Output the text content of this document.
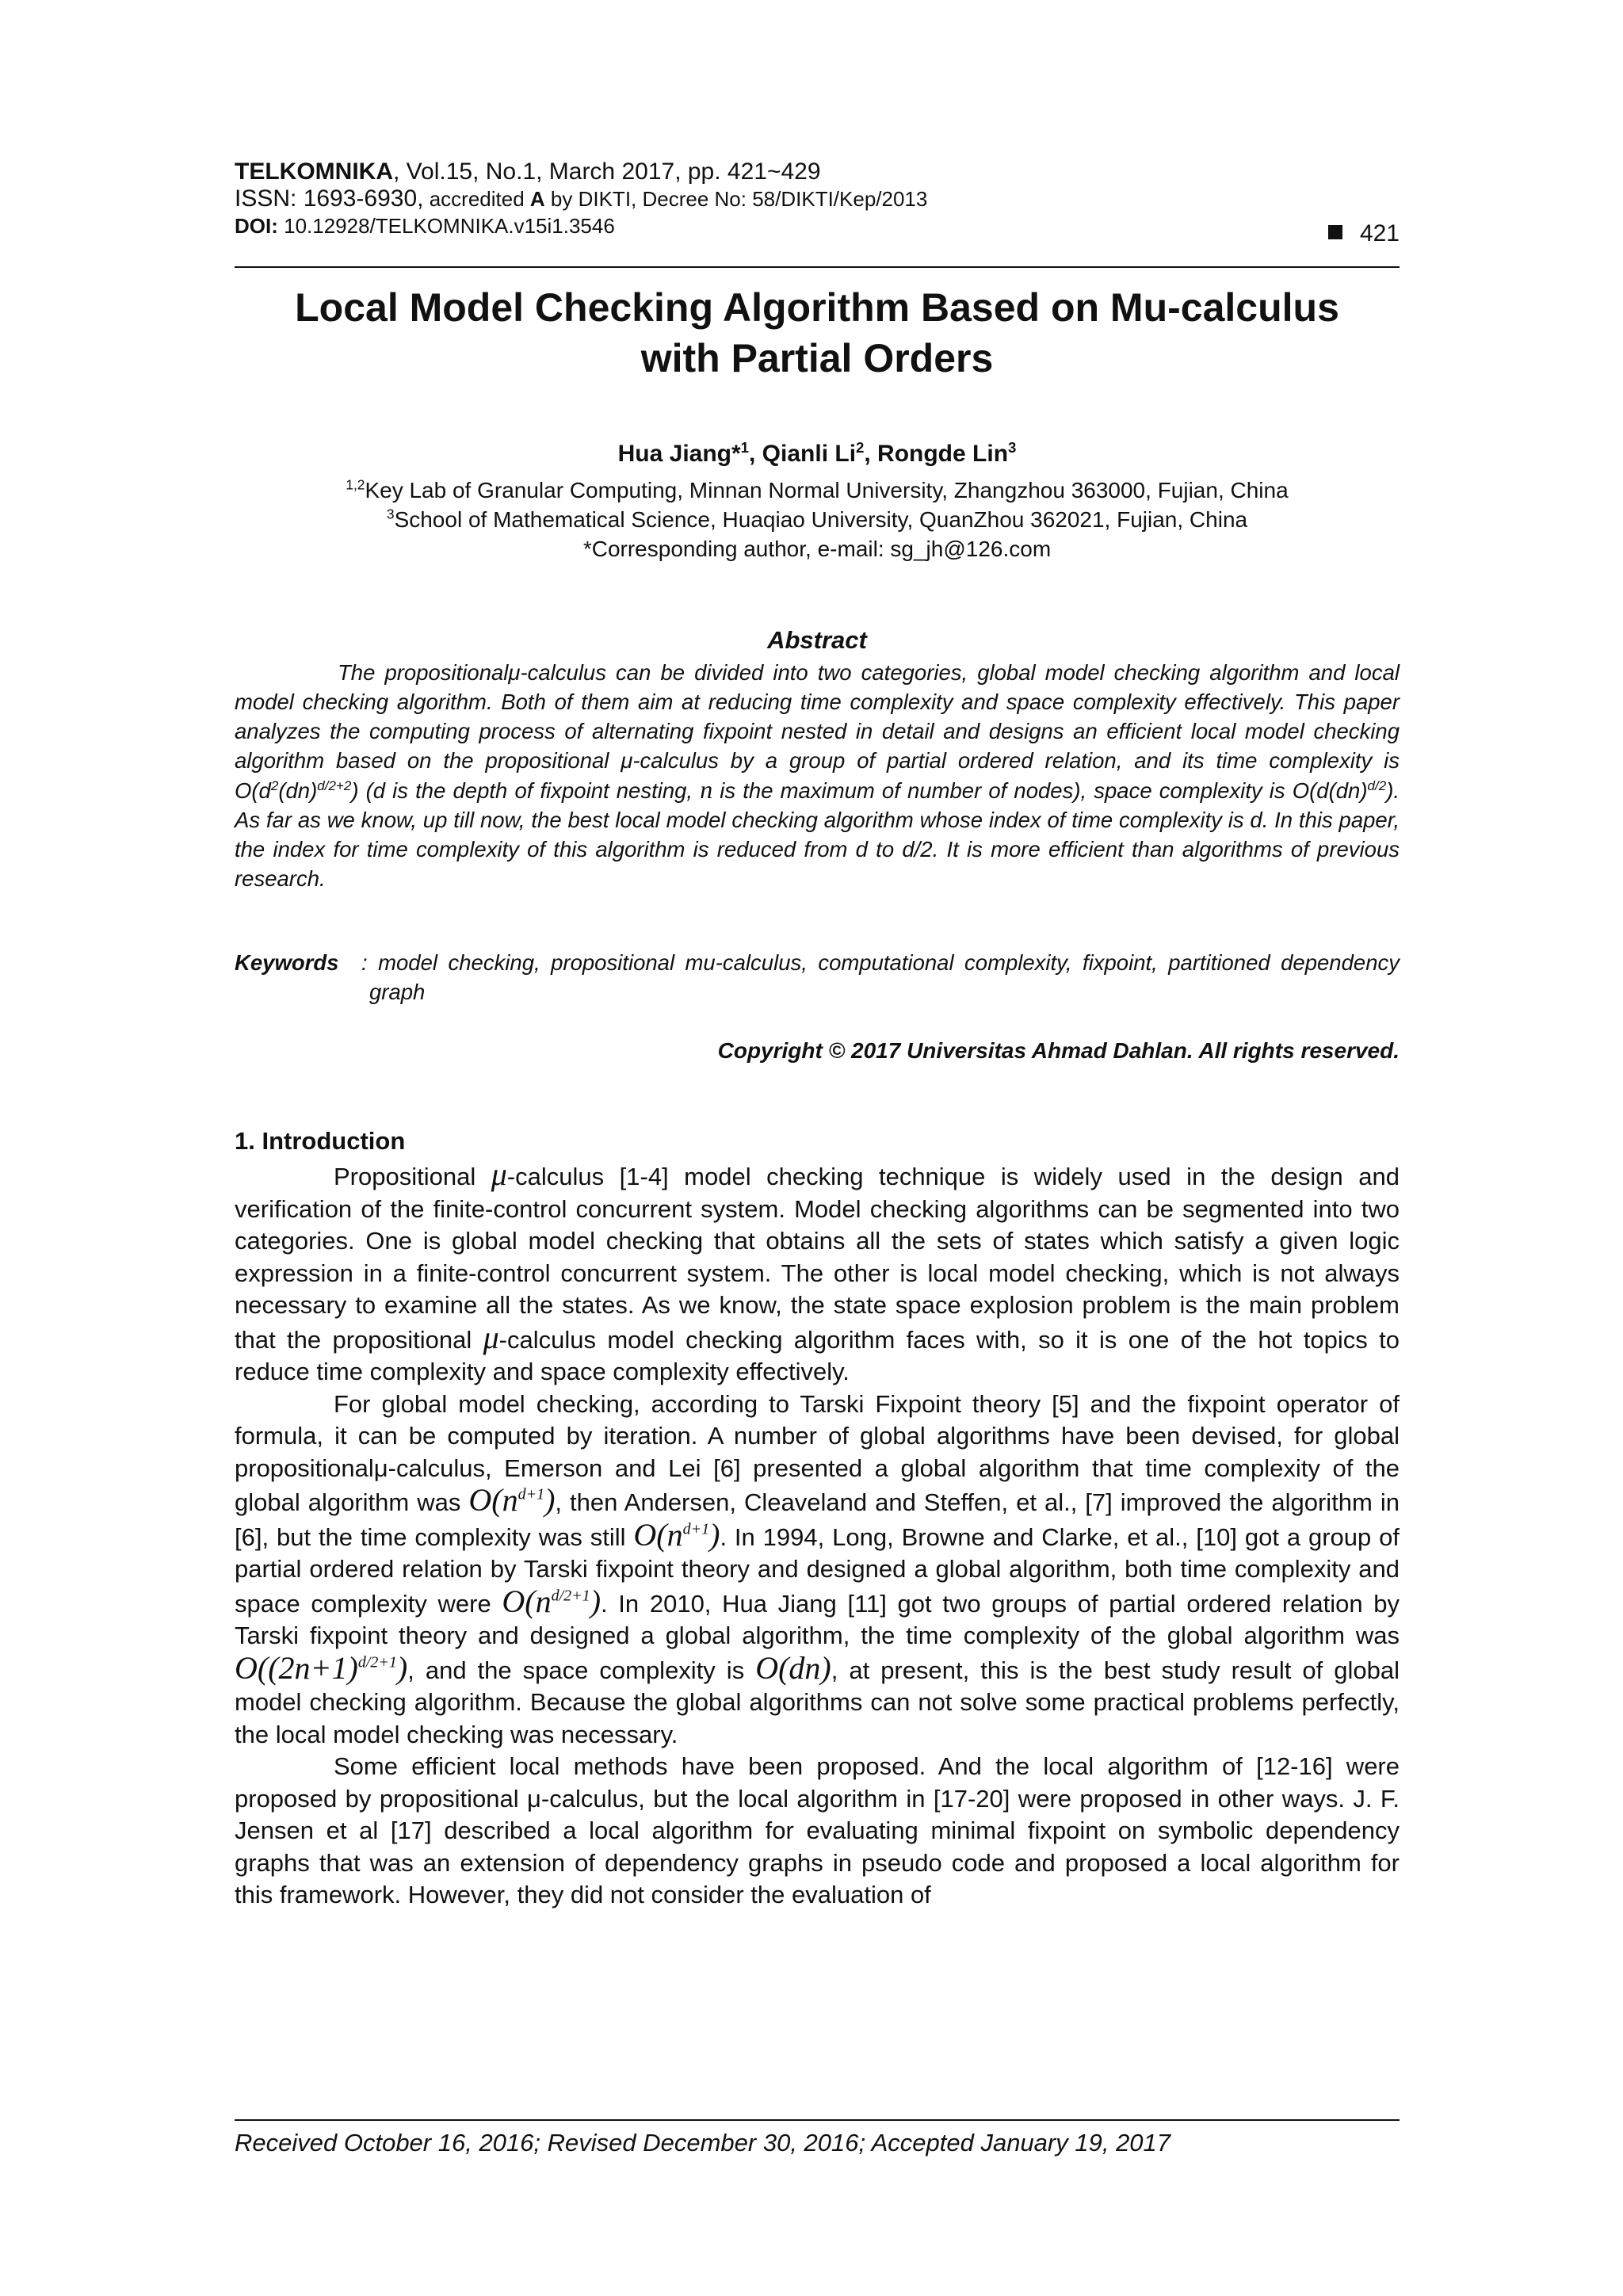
TELKOMNIKA, Vol.15, No.1, March 2017, pp. 421~429

ISSN: 1693-6930, accredited A by DIKTI, Decree No: 58/DIKTI/Kep/2013

DOI: 10.12928/TELKOMNIKA.v15i1.3546	421
Local Model Checking Algorithm Based on Mu-calculus
with Partial Orders

Hua Jiang*$^1$, Qianli Li$^2$, Rongde Lin$^3$

$^{1,2}$Key Lab of Granular Computing, Minnan Normal University, Zhangzhou 363000, Fujian, China

$^3$School of Mathematical Science, Huaqiao University, QuanZhou 362021, Fujian, China

*Corresponding author, e-mail: sg_jh@126.com

Abstract

The propositionalμ-calculus can be divided into two categories, global model checking algorithm and local model checking algorithm. Both of them aim at reducing time complexity and space complexity effectively. This paper analyzes the computing process of alternating fixpoint nested in detail and designs an efficient local model checking algorithm based on the propositional μ-calculus by a group of partial ordered relation, and its time complexity is $O(d^2(dn)^{d/2+2})$ (d is the depth of fixpoint nesting, n is the maximum of number of nodes), space complexity is O(d(dn)$^{d/2}$). As far as we know, up till now, the best local model checking algorithm whose index of time complexity is d. In this paper, the index for time complexity of this algorithm is reduced from d to d/2. It is more efficient than algorithms of previous research.

Keywords : model checking, propositional mu-calculus, computational complexity, fixpoint, partitioned dependency graph

Copyright © 2017 Universitas Ahmad Dahlan. All rights reserved.

1. Introduction

Propositional μ-calculus [1-4] model checking technique is widely used in the design and verification of the finite-control concurrent system. Model checking algorithms can be segmented into two categories. One is global model checking that obtains all the sets of states which satisfy a given logic expression in a finite-control concurrent system. The other is local model checking, which is not always necessary to examine all the states. As we know, the state space explosion problem is the main problem that the propositional μ-calculus model checking algorithm faces with, so it is one of the hot topics to reduce time complexity and space complexity effectively.

For global model checking, according to Tarski Fixpoint theory [5] and the fixpoint operator of formula, it can be computed by iteration. A number of global algorithms have been devised, for global propositionalμ-calculus, Emerson and Lei [6] presented a global algorithm that time complexity of the global algorithm was $O(n^{d+1})$, then Andersen, Cleaveland and Steffen, et al., [7] improved the algorithm in [6], but the time complexity was still $O(n^{d+1})$. In 1994, Long, Browne and Clarke, et al., [10] got a group of partial ordered relation by Tarski fixpoint theory and designed a global algorithm, both time complexity and space complexity were $O(n^{d/2+1})$. In 2010, Hua Jiang [11] got two groups of partial ordered relation by Tarski fixpoint theory and designed a global algorithm, the time complexity of the global algorithm was $O((2n+1)^{d/2+1})$, and the space complexity is O(dn), at present, this is the best study result of global model checking algorithm. Because the global algorithms can not solve some practical problems perfectly, the local model checking was necessary.

Some efficient local methods have been proposed. And the local algorithm of [12-16] were proposed by propositional μ-calculus, but the local algorithm in [17-20] were proposed in other ways. J. F. Jensen et al [17] described a local algorithm for evaluating minimal fixpoint on symbolic dependency graphs that was an extension of dependency graphs in pseudo code and proposed a local algorithm for this framework. However, they did not consider the evaluation of

Received October 16, 2016; Revised December 30, 2016; Accepted January 19, 2017
